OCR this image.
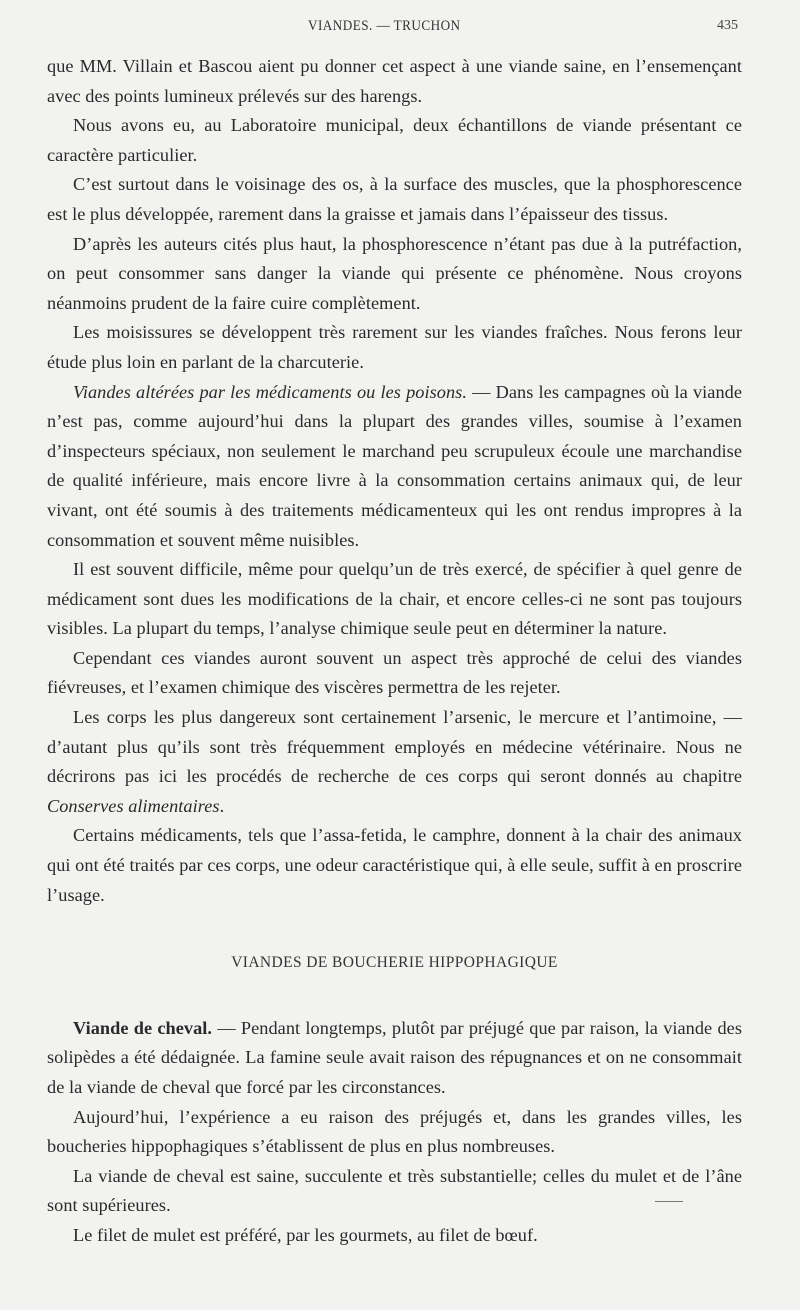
VIANDES. — TRUCHON	435

que MM. Villain et Bascou aient pu donner cet aspect à une viande saine, en l’ensemençant avec des points lumineux prélevés sur des harengs.

Nous avons eu, au Laboratoire municipal, deux échantillons de viande présentant ce caractère particulier.

C’est surtout dans le voisinage des os, à la surface des muscles, que la phosphorescence est le plus développée, rarement dans la graisse et jamais dans l’épaisseur des tissus.

D’après les auteurs cités plus haut, la phosphorescence n’étant pas due à la putréfaction, on peut consommer sans danger la viande qui présente ce phénomène. Nous croyons néanmoins prudent de la faire cuire complètement.

Les moisissures se développent très rarement sur les viandes fraîches. Nous ferons leur étude plus loin en parlant de la charcuterie.

Viandes altérées par les médicaments ou les poisons. — Dans les campagnes où la viande n’est pas, comme aujourd’hui dans la plupart des grandes villes, soumise à l’examen d’inspecteurs spéciaux, non seulement le marchand peu scrupuleux écoule une marchandise de qualité inférieure, mais encore livre à la consommation certains animaux qui, de leur vivant, ont été soumis à des traitements médicamenteux qui les ont rendus impropres à la consommation et souvent même nuisibles.

Il est souvent difficile, même pour quelqu’un de très exercé, de spécifier à quel genre de médicament sont dues les modifications de la chair, et encore celles-ci ne sont pas toujours visibles. La plupart du temps, l’analyse chimique seule peut en déterminer la nature.

Cependant ces viandes auront souvent un aspect très approché de celui des viandes fiévreuses, et l’examen chimique des viscères permettra de les rejeter.

Les corps les plus dangereux sont certainement l’arsenic, le mercure et l’antimoine, — d’autant plus qu’ils sont très fréquemment employés en médecine vétérinaire. Nous ne décrirons pas ici les procédés de recherche de ces corps qui seront donnés au chapitre Conserves alimentaires.

Certains médicaments, tels que l’assa-fetida, le camphre, donnent à la chair des animaux qui ont été traités par ces corps, une odeur caractéristique qui, à elle seule, suffit à en proscrire l’usage.

VIANDES DE BOUCHERIE HIPPOPHAGIQUE

Viande de cheval. — Pendant longtemps, plutôt par préjugé que par raison, la viande des solipèdes a été dédaignée. La famine seule avait raison des répugnances et on ne consommait de la viande de cheval que forcé par les circonstances.

Aujourd’hui, l’expérience a eu raison des préjugés et, dans les grandes villes, les boucheries hippophagiques s’établissent de plus en plus nombreuses.

La viande de cheval est saine, succulente et très substantielle; celles du mulet et de l’âne sont supérieures.

Le filet de mulet est préféré, par les gourmets, au filet de bœuf.
